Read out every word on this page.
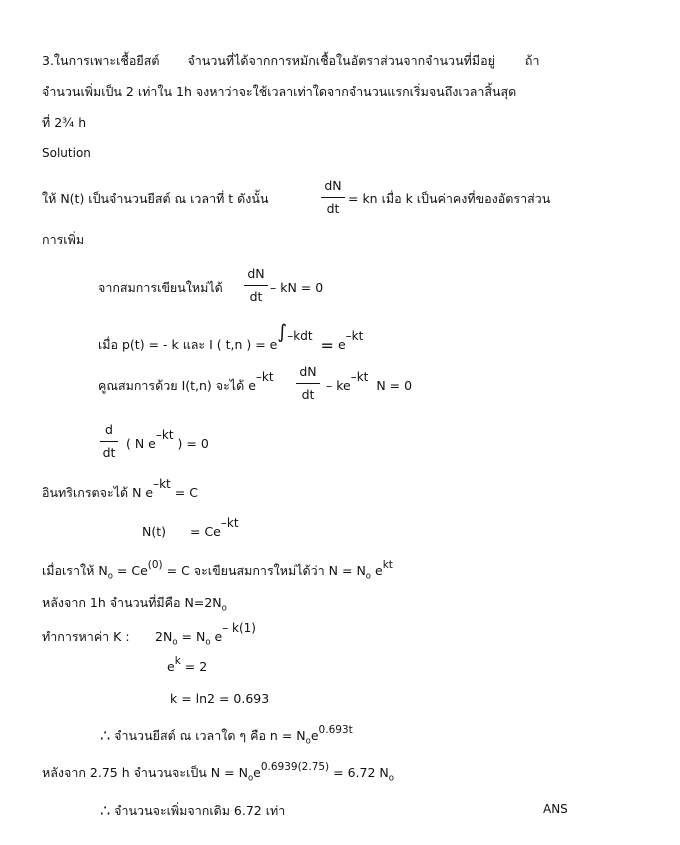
3.ในการเพาะเชื้อยีสต์ จำนวนที่ได้จากการหมักเชื้อในอัตราส่วนจากจำนวนที่มีอยู่ ถ้า
จำนวนเพิ่มเป็น 2 เท่าใน 1h จงหาว่าจะใช้เวลาเท่าใดจากจำนวนแรกเริ่มจนถึงเวลาสิ้นสุด
ที่ 2¾ h
Solution
ให้ N(t) เป็นจำนวนยีสต์ ณ เวลาที่ t ดังนั้น
dN
dt
= kn เมื่อ k เป็นค่าคงที่ของอัตราส่วน
การเพิ่ม
จากสมการเขียนใหม่ได้
dN
dt
– kN = 0
เมื่อ p(t) = - k และ I ( t,n ) = e∫–kdt = e–kt
คูณสมการด้วย I(t,n) จะได้ e–kt dN
dt
– ke–kt N = 0
d
dt
( N e–kt ) = 0
อินทริเกรตจะได้ N e–kt = C
N(t) = Ce–kt
เมื่อเราให้ $N_o = Ce^{(0)} = C$ จะเขียนสมการใหม่ได้ว่า $N = N_o$ $e^{kt}$
หลังจาก 1h จำนวนที่มีคือ $N=2N_o$
ทำการหาค่า K : $2N_o = N_o$ e– k(1)
$e^k = 2$
k = ln2 = 0.693
∴ จำนวนยีสต์ ณ เวลาใด ๆ คือ $n = N_oe^{0.693t}$
หลังจาก 2.75 h จำนวนจะเป็น $N = N_oe^{0.6939(2.75)} = 6.72$ $N_o$
∴ จำนวนจะเพิ่มจากเดิม 6.72 เท่า	ANS
